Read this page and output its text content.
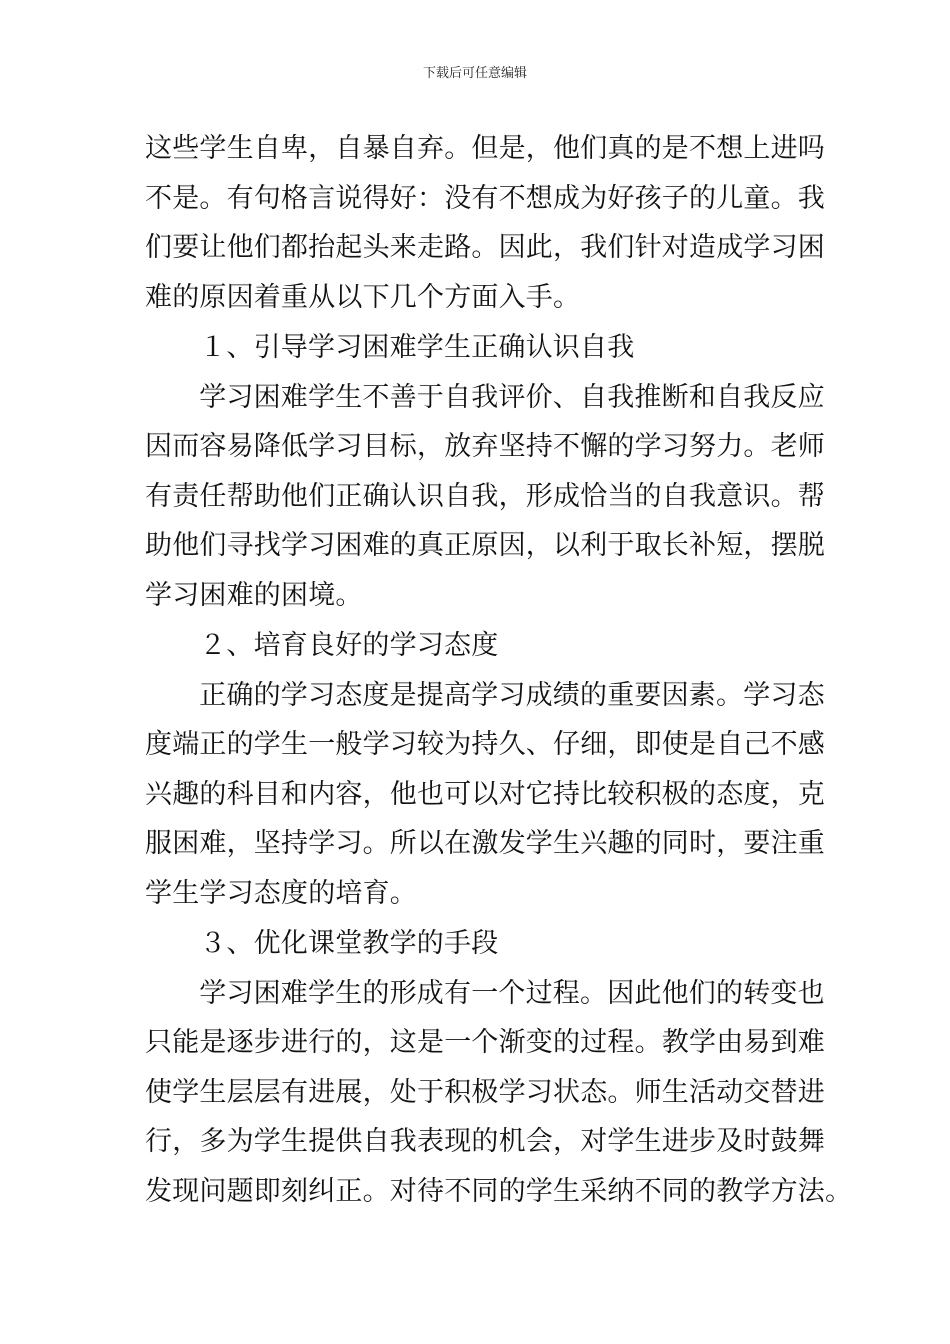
下载后可任意编辑
这些学生自卑，自暴自弃。但是，他们真的是不想上进吗
不是。有句格言说得好：没有不想成为好孩子的儿童。我
们要让他们都抬起头来走路。因此，我们针对造成学习困
难的原因着重从以下几个方面入手。
　１、引导学习困难学生正确认识自我
　学习困难学生不善于自我评价、自我推断和自我反应
因而容易降低学习目标，放弃坚持不懈的学习努力。老师
有责任帮助他们正确认识自我，形成恰当的自我意识。帮
助他们寻找学习困难的真正原因，以利于取长补短，摆脱
学习困难的困境。
　２、培育良好的学习态度
　正确的学习态度是提高学习成绩的重要因素。学习态
度端正的学生一般学习较为持久、仔细，即使是自己不感
兴趣的科目和内容，他也可以对它持比较积极的态度，克
服困难，坚持学习。所以在激发学生兴趣的同时，要注重
学生学习态度的培育。
　３、优化课堂教学的手段
　学习困难学生的形成有一个过程。因此他们的转变也
只能是逐步进行的，这是一个渐变的过程。教学由易到难
使学生层层有进展，处于积极学习状态。师生活动交替进
行，多为学生提供自我表现的机会，对学生进步及时鼓舞
发现问题即刻纠正。对待不同的学生采纳不同的教学方法。
